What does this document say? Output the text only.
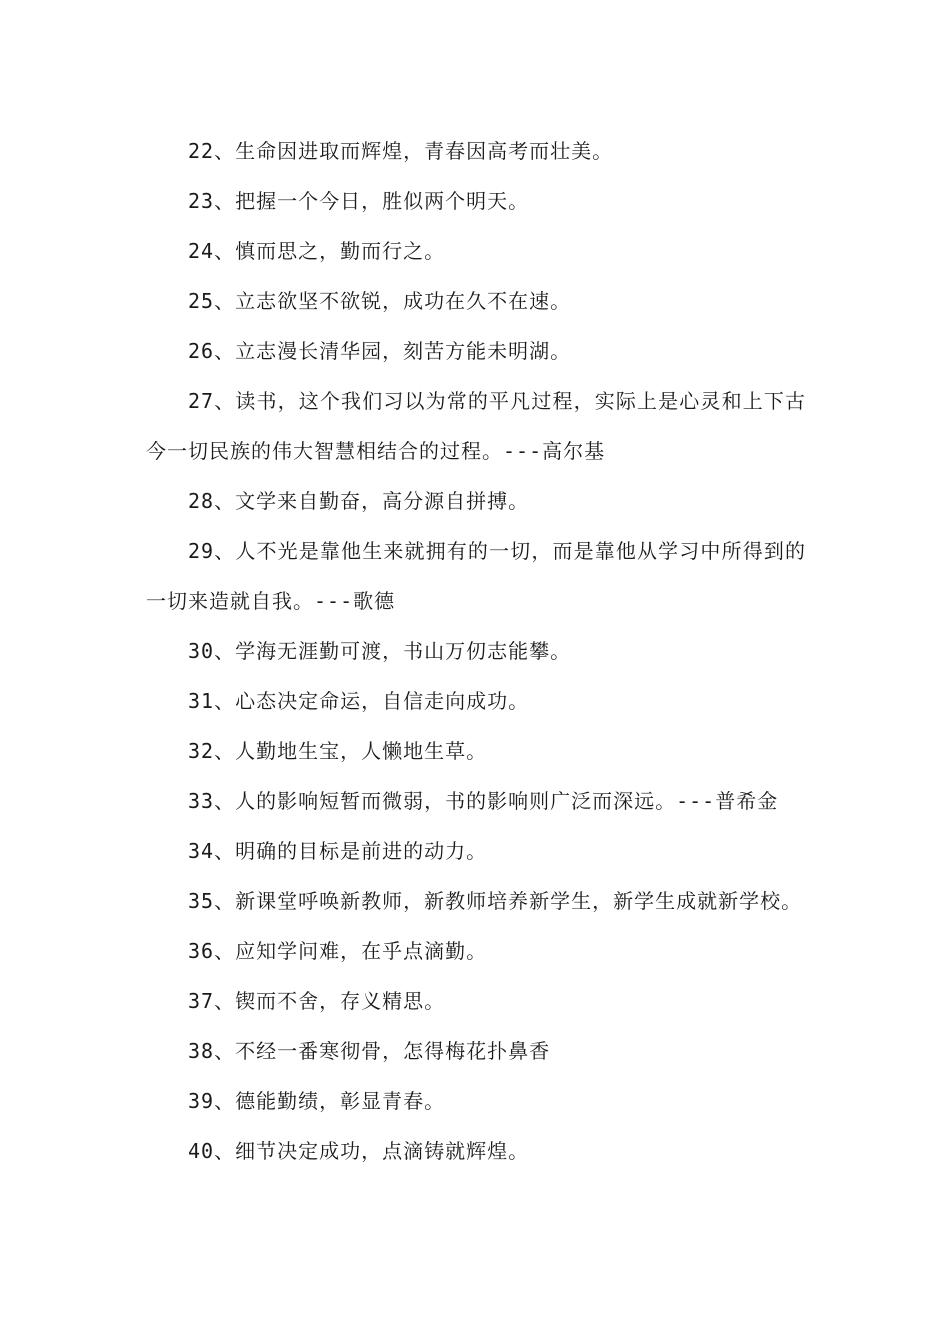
22、生命因进取而辉煌，青春因高考而壮美。

23、把握一个今日，胜似两个明天。

24、慎而思之，勤而行之。

25、立志欲坚不欲锐，成功在久不在速。

26、立志漫长清华园，刻苦方能未明湖。

27、读书，这个我们习以为常的平凡过程，实际上是心灵和上下古今一切民族的伟大智慧相结合的过程。---高尔基

28、文学来自勤奋，高分源自拼搏。

29、人不光是靠他生来就拥有的一切，而是靠他从学习中所得到的一切来造就自我。---歌德

30、学海无涯勤可渡，书山万仞志能攀。

31、心态决定命运，自信走向成功。

32、人勤地生宝，人懒地生草。

33、人的影响短暂而微弱，书的影响则广泛而深远。---普希金

34、明确的目标是前进的动力。

35、新课堂呼唤新教师，新教师培养新学生，新学生成就新学校。

36、应知学问难，在乎点滴勤。

37、锲而不舍，存义精思。

38、不经一番寒彻骨，怎得梅花扑鼻香

39、德能勤绩，彰显青春。

40、细节决定成功，点滴铸就辉煌。
